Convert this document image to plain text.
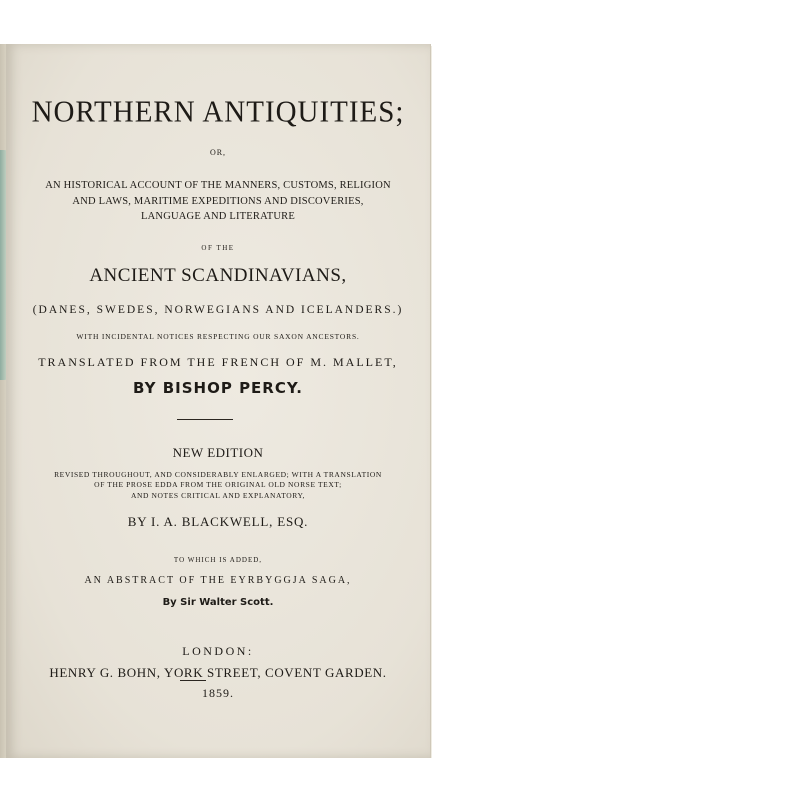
NORTHERN ANTIQUITIES;
OR,
AN HISTORICAL ACCOUNT OF THE MANNERS, CUSTOMS, RELIGION
AND LAWS, MARITIME EXPEDITIONS AND DISCOVERIES,
LANGUAGE AND LITERATURE
OF THE
ANCIENT SCANDINAVIANS,
(DANES, SWEDES, NORWEGIANS AND ICELANDERS.)
WITH INCIDENTAL NOTICES RESPECTING OUR SAXON ANCESTORS.
TRANSLATED FROM THE FRENCH OF M. MALLET,
BY BISHOP PERCY.
NEW EDITION
REVISED THROUGHOUT, AND CONSIDERABLY ENLARGED; WITH A TRANSLATION
OF THE PROSE EDDA FROM THE ORIGINAL OLD NORSE TEXT;
AND NOTES CRITICAL AND EXPLANATORY,
BY I. A. BLACKWELL, ESQ.
TO WHICH IS ADDED,
AN ABSTRACT OF THE EYRBYGGJA SAGA,
By Sir Walter Scott.
LONDON:
HENRY G. BOHN, YORK STREET, COVENT GARDEN.
1859.
